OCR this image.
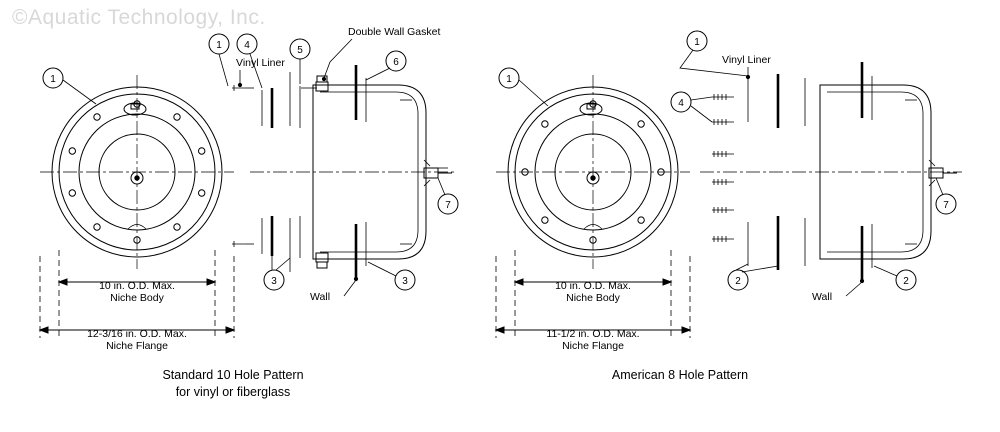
©Aquatic Technology, Inc.
10 in. O.D. Max.
Niche Body
12-3/16 in. O.D. Max.
Niche Flange
Double Wall Gasket
Vinyl Liner
Wall
1
1 4	5
6
7
3	3
Standard 10 Hole Pattern
for vinyl or fiberglass
10 in. O.D. Max.
Niche Body
11-1/2 in. O.D. Max.
Niche Flange
Vinyl Liner
Wall
1
1
4
7
2	2
American 8 Hole Pattern
